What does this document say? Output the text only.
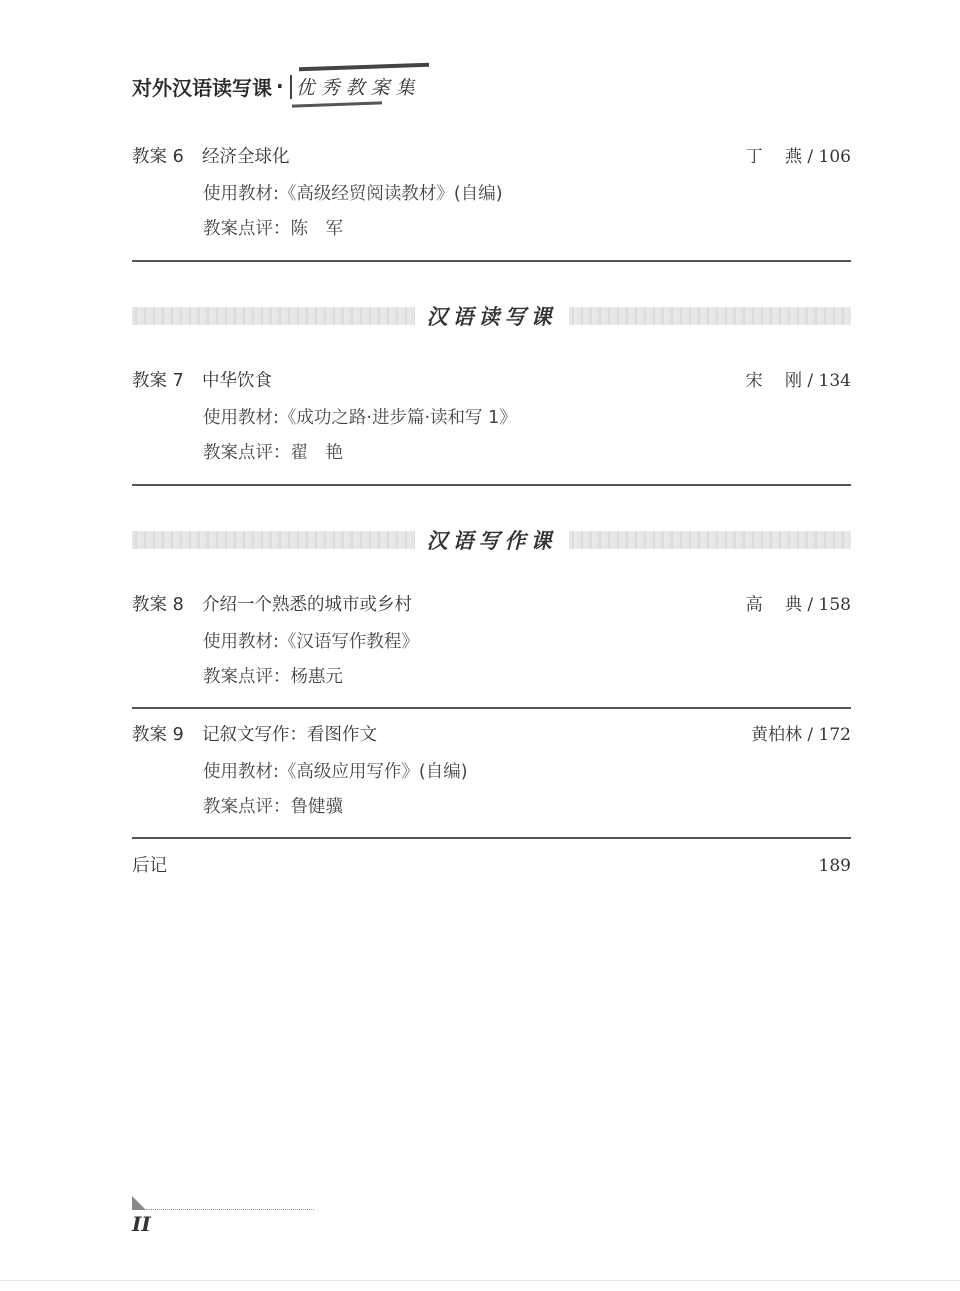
对外汉语读写课 · 优秀教案集
教案 6 经济全球化	丁　 燕 / 106
使用教材:《高级经贸阅读教材》(自编)
教案点评：陈　军
汉语读写课
教案 7 中华饮食	宋　 刚 / 134
使用教材:《成功之路·进步篇·读和写 1》
教案点评：翟　艳
汉语写作课
教案 8 介绍一个熟悉的城市或乡村	高　 典 / 158
使用教材:《汉语写作教程》
教案点评：杨惠元
教案 9 记叙文写作：看图作文	黄柏林 / 172
使用教材:《高级应用写作》(自编)
教案点评：鲁健骥
后记	189
II
